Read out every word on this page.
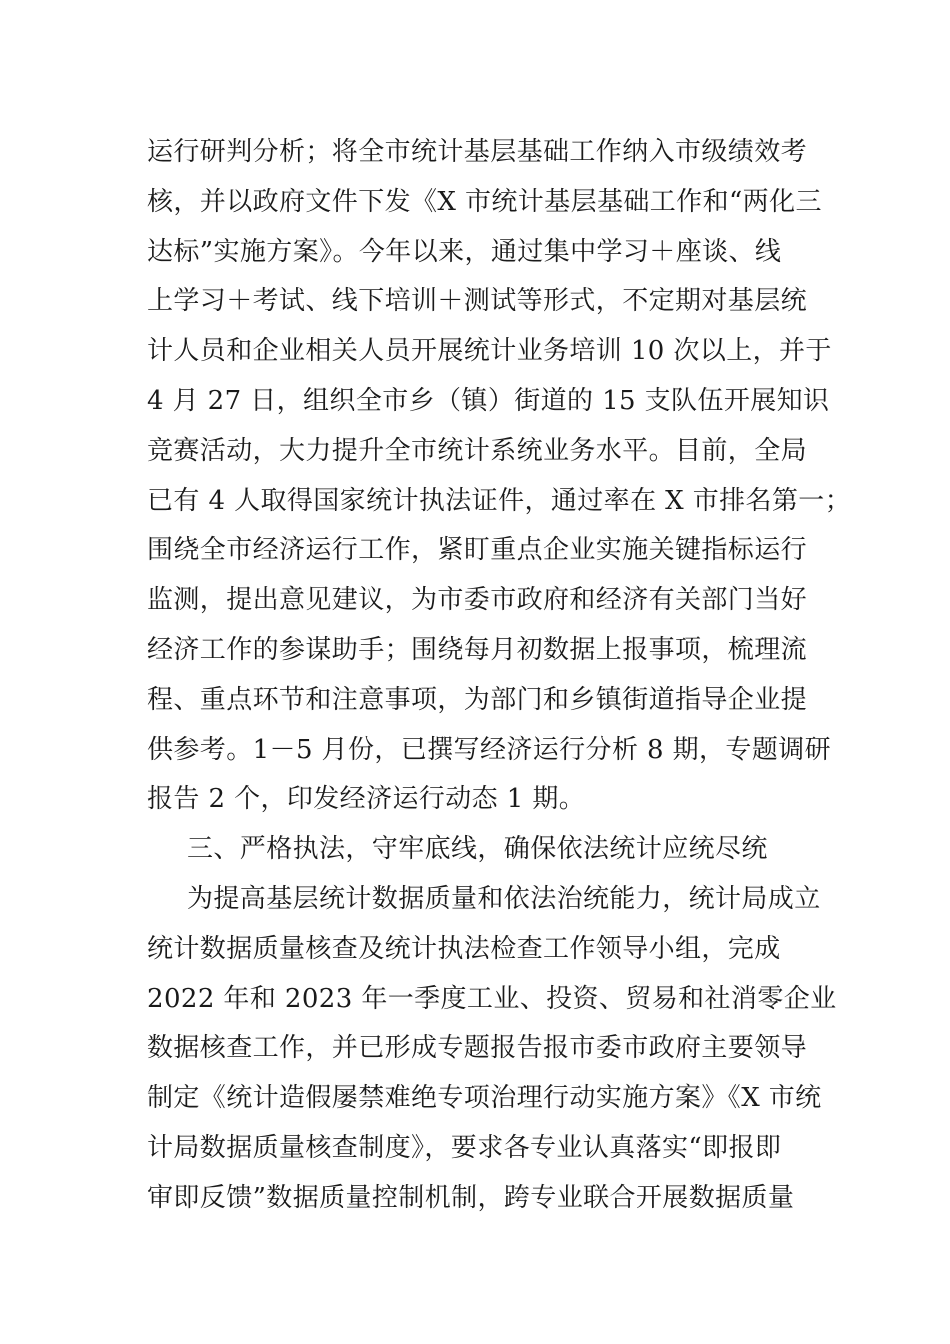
运行研判分析；将全市统计基层基础工作纳入市级绩效考
核，并以政府文件下发《X 市统计基层基础工作和“两化三
达标”实施方案》。今年以来，通过集中学习＋座谈、线
上学习＋考试、线下培训＋测试等形式，不定期对基层统
计人员和企业相关人员开展统计业务培训 10 次以上，并于
4 月 27 日，组织全市乡（镇）街道的 15 支队伍开展知识
竞赛活动，大力提升全市统计系统业务水平。目前，全局
已有 4 人取得国家统计执法证件，通过率在 X 市排名第一；
围绕全市经济运行工作，紧盯重点企业实施关键指标运行
监测，提出意见建议，为市委市政府和经济有关部门当好
经济工作的参谋助手；围绕每月初数据上报事项，梳理流
程、重点环节和注意事项，为部门和乡镇街道指导企业提
供参考。1－5 月份，已撰写经济运行分析 8 期，专题调研
报告 2 个，印发经济运行动态 1 期。
三、严格执法，守牢底线，确保依法统计应统尽统
为提高基层统计数据质量和依法治统能力，统计局成立
统计数据质量核查及统计执法检查工作领导小组，完成
2022 年和 2023 年一季度工业、投资、贸易和社消零企业
数据核查工作，并已形成专题报告报市委市政府主要领导
制定《统计造假屡禁难绝专项治理行动实施方案》《X 市统
计局数据质量核查制度》，要求各专业认真落实“即报即
审即反馈”数据质量控制机制，跨专业联合开展数据质量
